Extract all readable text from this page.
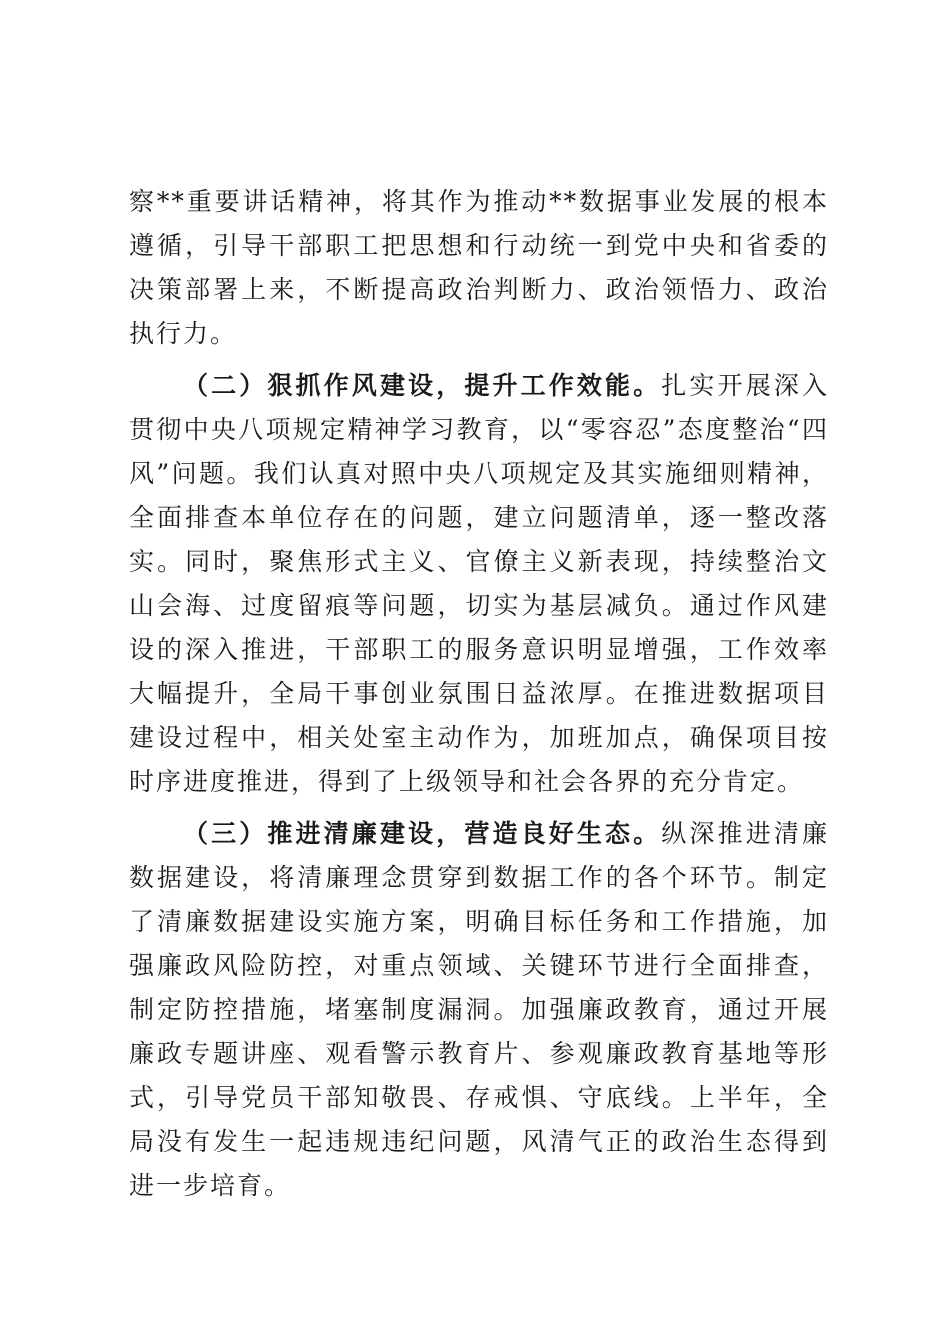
察**重要讲话精神，将其作为推动**数据事业发展的根本遵循，引导干部职工把思想和行动统一到党中央和省委的决策部署上来，不断提高政治判断力、政治领悟力、政治执行力。

（二）狠抓作风建设，提升工作效能。扎实开展深入贯彻中央八项规定精神学习教育，以“零容忍”态度整治“四风”问题。我们认真对照中央八项规定及其实施细则精神，全面排查本单位存在的问题，建立问题清单，逐一整改落实。同时，聚焦形式主义、官僚主义新表现，持续整治文山会海、过度留痕等问题，切实为基层减负。通过作风建设的深入推进，干部职工的服务意识明显增强，工作效率大幅提升，全局干事创业氛围日益浓厚。在推进数据项目建设过程中，相关处室主动作为，加班加点，确保项目按时序进度推进，得到了上级领导和社会各界的充分肯定。

（三）推进清廉建设，营造良好生态。纵深推进清廉数据建设，将清廉理念贯穿到数据工作的各个环节。制定了清廉数据建设实施方案，明确目标任务和工作措施，加强廉政风险防控，对重点领域、关键环节进行全面排查，制定防控措施，堵塞制度漏洞。加强廉政教育，通过开展廉政专题讲座、观看警示教育片、参观廉政教育基地等形式，引导党员干部知敬畏、存戒惧、守底线。上半年，全局没有发生一起违规违纪问题，风清气正的政治生态得到进一步培育。
